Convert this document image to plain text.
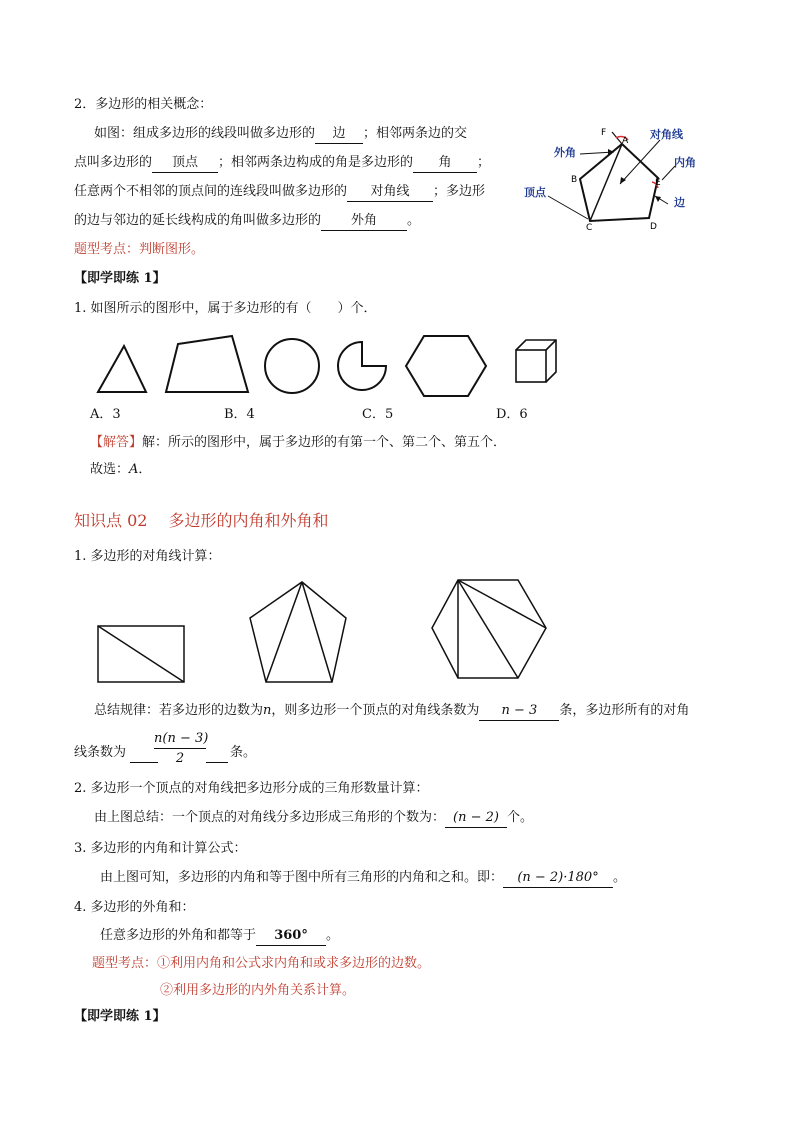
2．多边形的相关概念：
如图：组成多边形的线段叫做多边形的 边 ；相邻两条边的交
点叫多边形的 顶点 ；相邻两条边构成的角是多边形的 角 ；
任意两个不相邻的顶点间的连线段叫做多边形的 对角线 ；多边形
的边与邻边的延长线构成的角叫做多边形的 外角 。
题型考点：判断图形。
F
A
B
C	D
E
外角
对角线
内角
顶点
边
【即学即练 1】
1. 如图所示的图形中，属于多边形的有（　　）个．
A．3	B．4	C．5	D．6
【解答】解：所示的图形中，属于多边形的有第一个、第二个、第五个．
故选：A．
知识点 02　 多边形的内角和外角和
1. 多边形的对角线计算：
总结规律：若多边形的边数为n，则多边形一个顶点的对角线条数为 n − 3 条，多边形所有的对角
线条数为
n(n − 3)
2	条。
2. 多边形一个顶点的对角线把多边形分成的三角形数量计算：
由上图总结：一个顶点的对角线分多边形成三角形的个数为： (n − 2) 个。
3. 多边形的内角和计算公式：
由上图可知，多边形的内角和等于图中所有三角形的内角和之和。即： (n − 2)·180° 。
4. 多边形的外角和：
任意多边形的外角和都等于 360° 。
题型考点：①利用内角和公式求内角和或求多边形的边数。
②利用多边形的内外角关系计算。
【即学即练 1】
